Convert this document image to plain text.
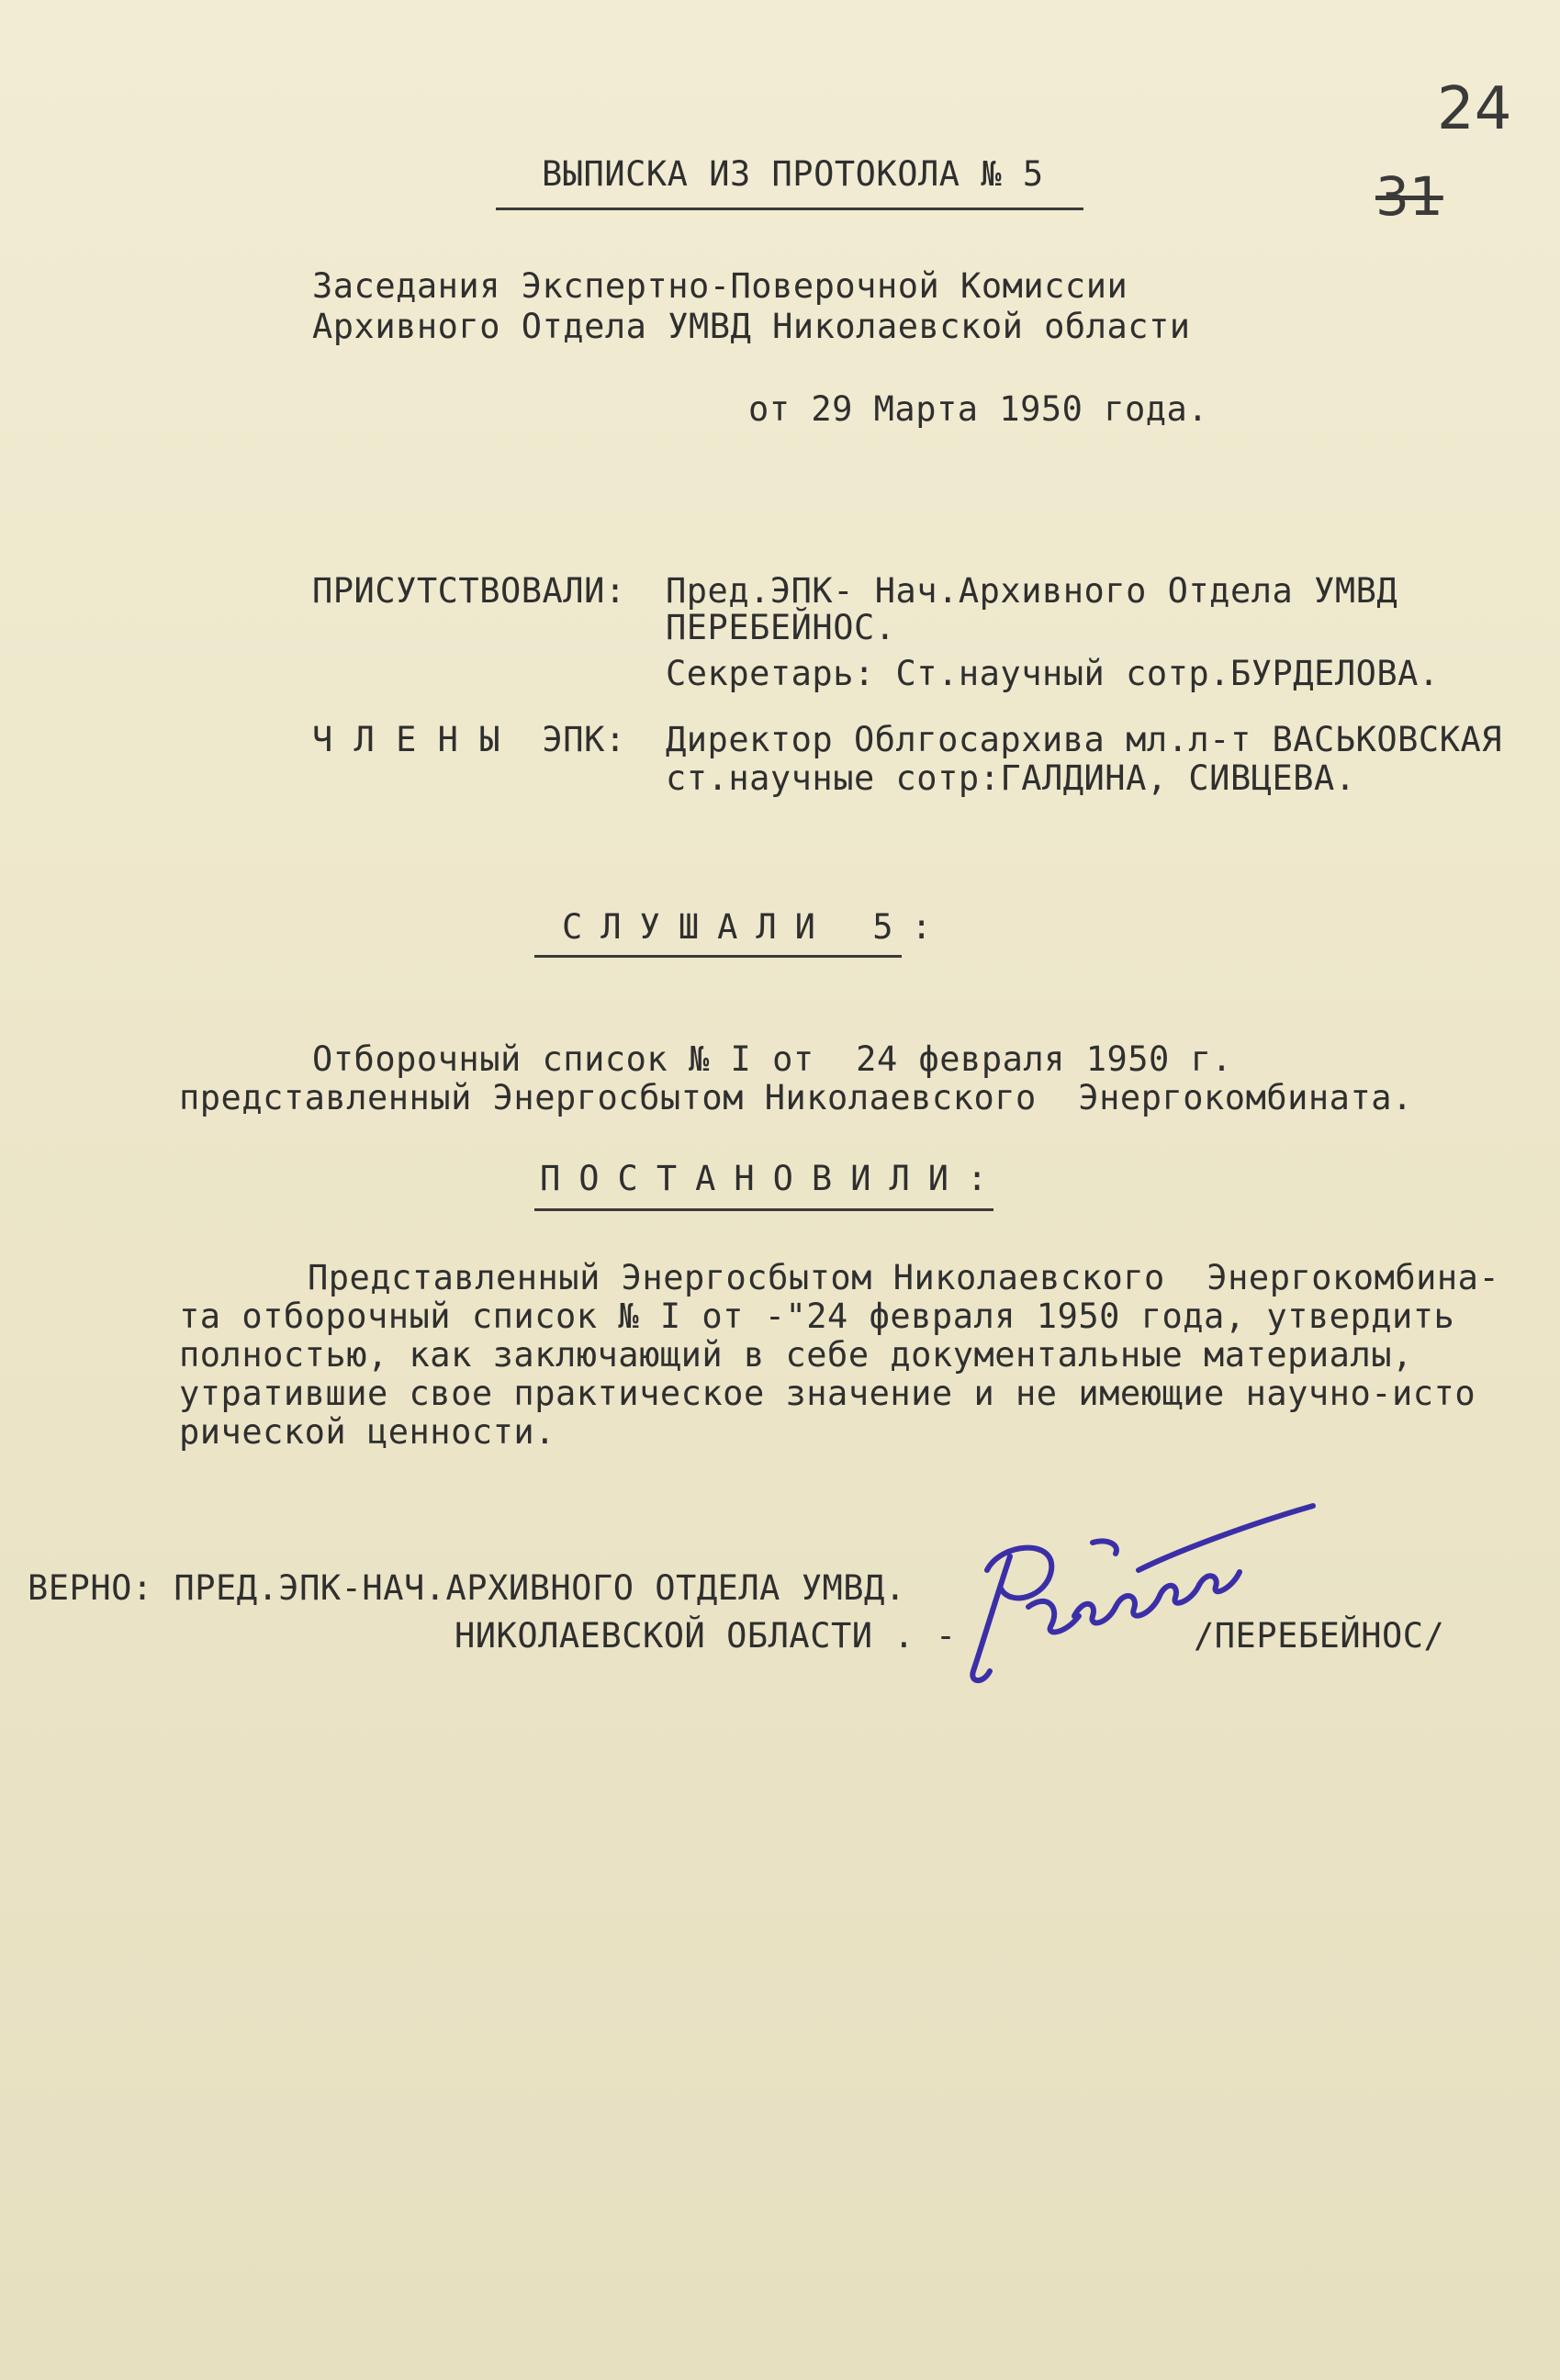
24
31
ВЫПИСКА ИЗ ПРОТОКОЛА № 5
Заседания Экспертно-Поверочной Комиссии
Архивного Отдела УМВД Николаевской области
от 29 Марта 1950 года.
ПРИСУТСТВОВАЛИ: Пред.ЭПК- Нач.Архивного Отдела УМВД
ПЕРЕБЕЙНОС.
Секретарь: Ст.научный сотр.БУРДЕЛОВА.
Ч Л Е Н Ы  ЭПК: Директор Облгосархива мл.л-т ВАСЬКОВСКАЯ
ст.научные сотр:ГАЛДИНА, СИВЦЕВА.
СЛУШАЛИ 5:
Отборочный список № I от  24 февраля 1950 г.
представленный Энергосбытом Николаевского  Энергокомбината.
ПОСТАНОВИЛИ:
Представленный Энергосбытом Николаевского  Энергокомбина-
та отборочный список № I от -"24 февраля 1950 года, утвердить
полностью, как заключающий в себе документальные материалы,
утратившие свое практическое значение и не имеющие научно-исто
рической ценности.
ВЕРНО: ПРЕД.ЭПК-НАЧ.АРХИВНОГО ОТДЕЛА УМВД.
НИКОЛАЕВСКОЙ ОБЛАСТИ . -	/ПЕРЕБЕЙНОС/
